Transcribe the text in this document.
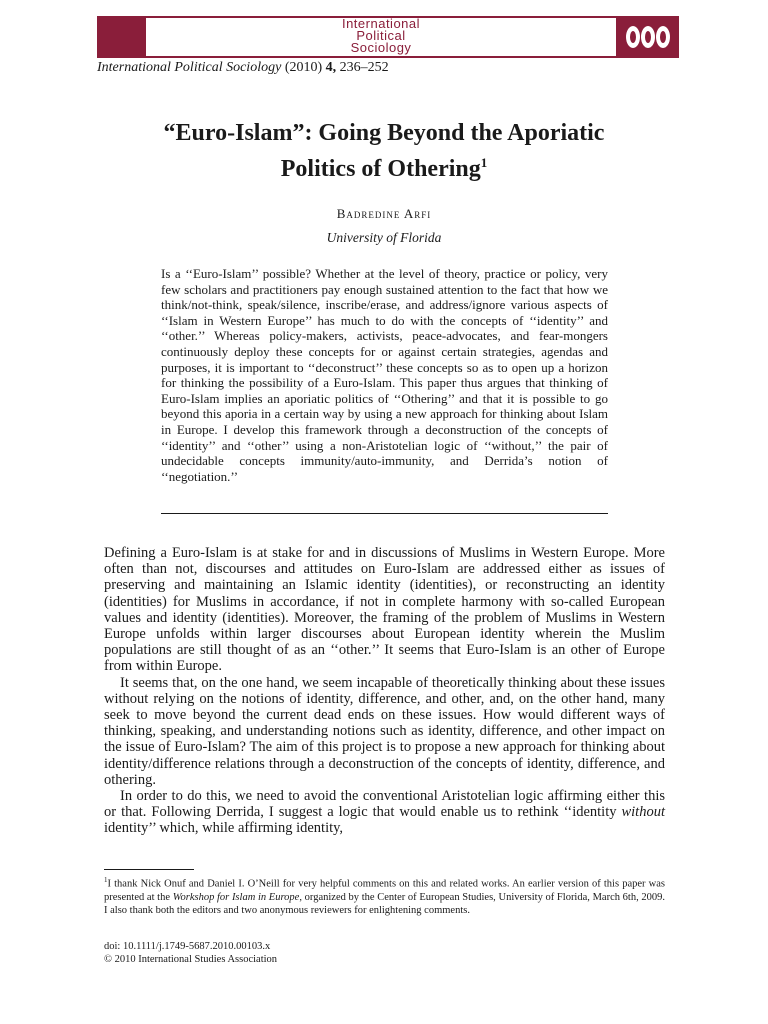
International
Political
Sociology
International Political Sociology (2010) 4, 236–252
“Euro-Islam”: Going Beyond the Aporiatic
Politics of Othering$^1$
Badredine Arfi
University of Florida
Is a ‘‘Euro-Islam’’ possible? Whether at the level of theory, practice or policy, very few scholars and practitioners pay enough sustained attention to the fact that how we think/not-think, speak/silence, inscribe/erase, and address/ignore various aspects of ‘‘Islam in Western Europe’’ has much to do with the concepts of ‘‘identity’’ and ‘‘other.’’ Whereas policy-makers, activists, peace-advocates, and fear-mongers continuously deploy these concepts for or against certain strategies, agendas and purposes, it is important to ‘‘deconstruct’’ these concepts so as to open up a horizon for thinking the possibility of a Euro-Islam. This paper thus argues that thinking of Euro-Islam implies an aporiatic politics of ‘‘Othering’’ and that it is possible to go beyond this aporia in a certain way by using a new approach for thinking about Islam in Europe. I develop this framework through a deconstruction of the concepts of ‘‘identity’’ and ‘‘other’’ using a non-Aristotelian logic of ‘‘without,’’ the pair of undecidable concepts immunity/auto-immunity, and Derrida’s notion of ‘‘negotiation.’’

Defining a Euro-Islam is at stake for and in discussions of Muslims in Western Europe. More often than not, discourses and attitudes on Euro-Islam are addressed either as issues of preserving and maintaining an Islamic identity (identities), or reconstructing an identity (identities) for Muslims in accordance, if not in complete harmony with so-called European values and identity (identities). Moreover, the framing of the problem of Muslims in Western Europe unfolds within larger discourses about European identity wherein the Muslim populations are still thought of as an ‘‘other.’’ It seems that Euro-Islam is an other of Europe from within Europe.

It seems that, on the one hand, we seem incapable of theoretically thinking about these issues without relying on the notions of identity, difference, and other, and, on the other hand, many seek to move beyond the current dead ends on these issues. How would different ways of thinking, speaking, and understanding notions such as identity, difference, and other impact on the issue of Euro-Islam? The aim of this project is to propose a new approach for thinking about identity/difference relations through a deconstruction of the concepts of identity, difference, and othering.

In order to do this, we need to avoid the conventional Aristotelian logic affirming either this or that. Following Derrida, I suggest a logic that would enable us to rethink ‘‘identity without identity’’ which, while affirming identity,

$^1$I thank Nick Onuf and Daniel I. O’Neill for very helpful comments on this and related works. An earlier version of this paper was presented at the Workshop for Islam in Europe, organized by the Center of European Studies, University of Florida, March 6th, 2009. I also thank both the editors and two anonymous reviewers for enlightening comments.
doi: 10.1111/j.1749-5687.2010.00103.x
© 2010 International Studies Association
